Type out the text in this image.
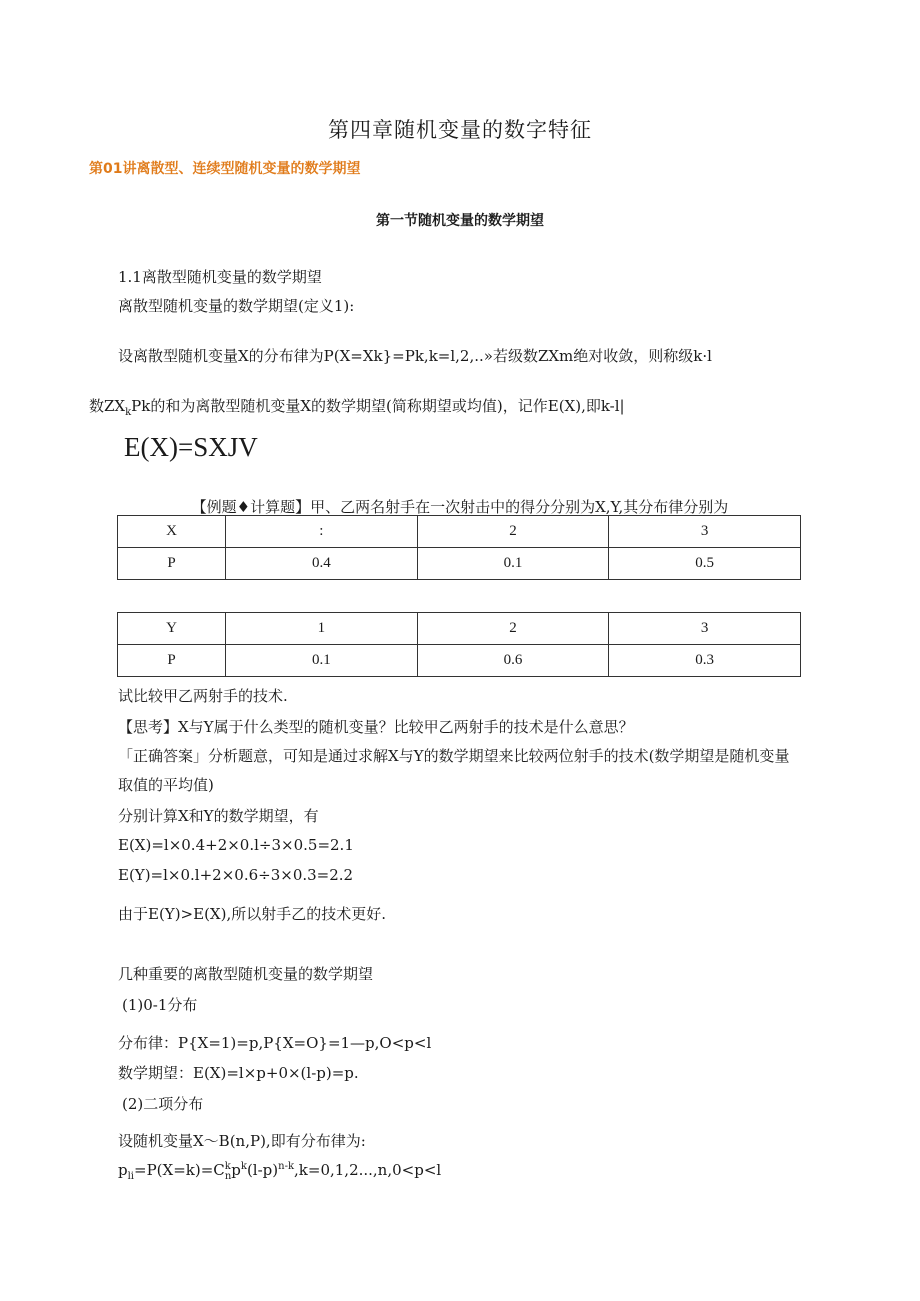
第四章随机变量的数字特征
第01讲离散型、连续型随机变量的数学期望
第一节随机变量的数学期望
1.1离散型随机变量的数学期望
离散型随机变量的数学期望(定义1):
设离散型随机变量X的分布律为P(X=Xk}=Pk,k=l,2,..»若级数ZXm绝对收敛，则称级k·l
数$ZX_kPk$的和为离散型随机变量X的数学期望(简称期望或均值)，记作E(X),即k-l|
E(X)=SXJV
【例题♦计算题】甲、乙两名射手在一次射击中的得分分别为X,Y,其分布律分别为
X	:	2	3
P	0.4	0.1	0.5
Y	1	2	3
P	0.1	0.6	0.3
试比较甲乙两射手的技术.
【思考】X与Y属于什么类型的随机变量？比较甲乙两射手的技术是什么意思？
「正确答案」分析题意，可知是通过求解X与Y的数学期望来比较两位射手的技术(数学期望是随机变量
取值的平均值)
分别计算X和Y的数学期望，有
E(X)=l×0.4+2×0.l÷3×0.5=2.1
E(Y)=l×0.l+2×0.6÷3×0.3=2.2
由于E(Y)>E(X),所以射手乙的技术更好.
几种重要的离散型随机变量的数学期望
(1)0-1分布
分布律：P{X=1)=p,P{X=O}=1—p,O<p<l
数学期望：E(X)=l×p+0×(l-p)=p.
(2)二项分布
设随机变量X～B(n,P),即有分布律为:
$p_{li}=P(X=k)=C^k_np^k(l-p)^{n-k},k=0,1,2...,n,0<p<l$
